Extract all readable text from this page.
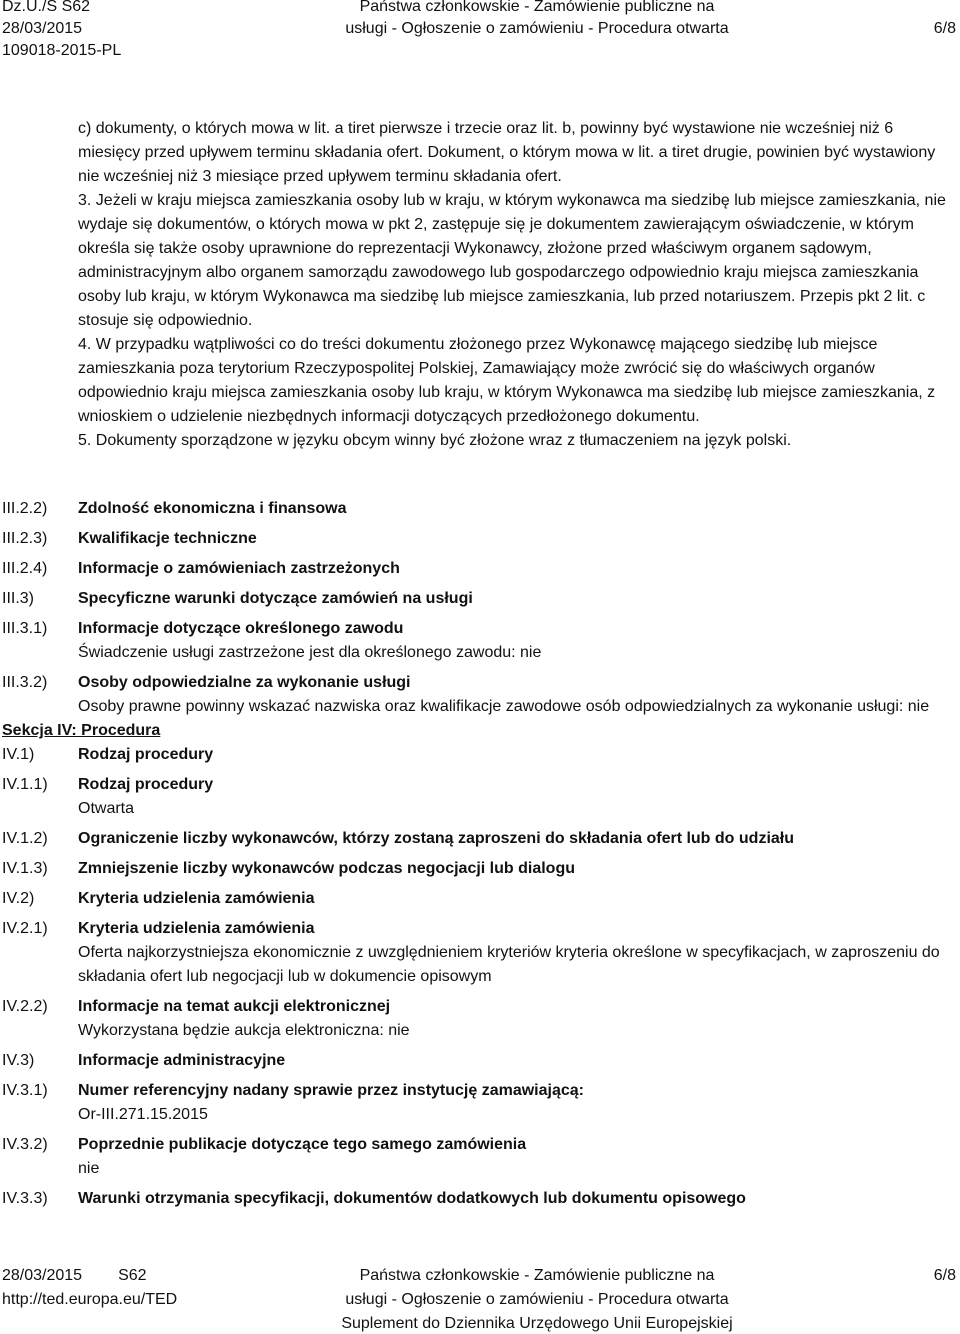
Dz.U./S S62
28/03/2015
109018-2015-PL
Państwa członkowskie - Zamówienie publiczne na
usługi - Ogłoszenie o zamówieniu - Procedura otwarta	6/8

c) dokumenty, o których mowa w lit. a tiret pierwsze i trzecie oraz lit. b, powinny być wystawione nie wcześniej niż 6 miesięcy przed upływem terminu składania ofert. Dokument, o którym mowa w lit. a tiret drugie, powinien być wystawiony nie wcześniej niż 3 miesiące przed upływem terminu składania ofert.

3. Jeżeli w kraju miejsca zamieszkania osoby lub w kraju, w którym wykonawca ma siedzibę lub miejsce zamieszkania, nie wydaje się dokumentów, o których mowa w pkt 2, zastępuje się je dokumentem zawierającym oświadczenie, w którym określa się także osoby uprawnione do reprezentacji Wykonawcy, złożone przed właściwym organem sądowym, administracyjnym albo organem samorządu zawodowego lub gospodarczego odpowiednio kraju miejsca zamieszkania osoby lub kraju, w którym Wykonawca ma siedzibę lub miejsce zamieszkania, lub przed notariuszem. Przepis pkt 2 lit. c stosuje się odpowiednio.

4. W przypadku wątpliwości co do treści dokumentu złożonego przez Wykonawcę mającego siedzibę lub miejsce zamieszkania poza terytorium Rzeczypospolitej Polskiej, Zamawiający może zwrócić się do właściwych organów odpowiednio kraju miejsca zamieszkania osoby lub kraju, w którym Wykonawca ma siedzibę lub miejsce zamieszkania, z wnioskiem o udzielenie niezbędnych informacji dotyczących przedłożonego dokumentu.

5. Dokumenty sporządzone w języku obcym winny być złożone wraz z tłumaczeniem na język polski.

III.2.2)	Zdolność ekonomiczna i finansowa
III.2.3)	Kwalifikacje techniczne
III.2.4)	Informacje o zamówieniach zastrzeżonych
III.3)	Specyficzne warunki dotyczące zamówień na usługi
III.3.1)	Informacje dotyczące określonego zawodu
Świadczenie usługi zastrzeżone jest dla określonego zawodu: nie
III.3.2)	Osoby odpowiedzialne za wykonanie usługi
Osoby prawne powinny wskazać nazwiska oraz kwalifikacje zawodowe osób odpowiedzialnych za wykonanie usługi: nie
Sekcja IV: Procedura
IV.1)	Rodzaj procedury
IV.1.1)	Rodzaj procedury
Otwarta
IV.1.2)	Ograniczenie liczby wykonawców, którzy zostaną zaproszeni do składania ofert lub do udziału
IV.1.3)	Zmniejszenie liczby wykonawców podczas negocjacji lub dialogu
IV.2)	Kryteria udzielenia zamówienia
IV.2.1)	Kryteria udzielenia zamówienia
Oferta najkorzystniejsza ekonomicznie z uwzględnieniem kryteriów kryteria określone w specyfikacjach, w zaproszeniu do składania ofert lub negocjacji lub w dokumencie opisowym
IV.2.2)	Informacje na temat aukcji elektronicznej
Wykorzystana będzie aukcja elektroniczna: nie
IV.3)	Informacje administracyjne
IV.3.1)	Numer referencyjny nadany sprawie przez instytucję zamawiającą:
Or-III.271.15.2015
IV.3.2)	Poprzednie publikacje dotyczące tego samego zamówienia
nie
IV.3.3)	Warunki otrzymania specyfikacji, dokumentów dodatkowych lub dokumentu opisowego
28/03/2015 S62
http://ted.europa.eu/TED
Państwa członkowskie - Zamówienie publiczne na
usługi - Ogłoszenie o zamówieniu - Procedura otwarta
Suplement do Dziennika Urzędowego Unii Europejskiej
6/8
